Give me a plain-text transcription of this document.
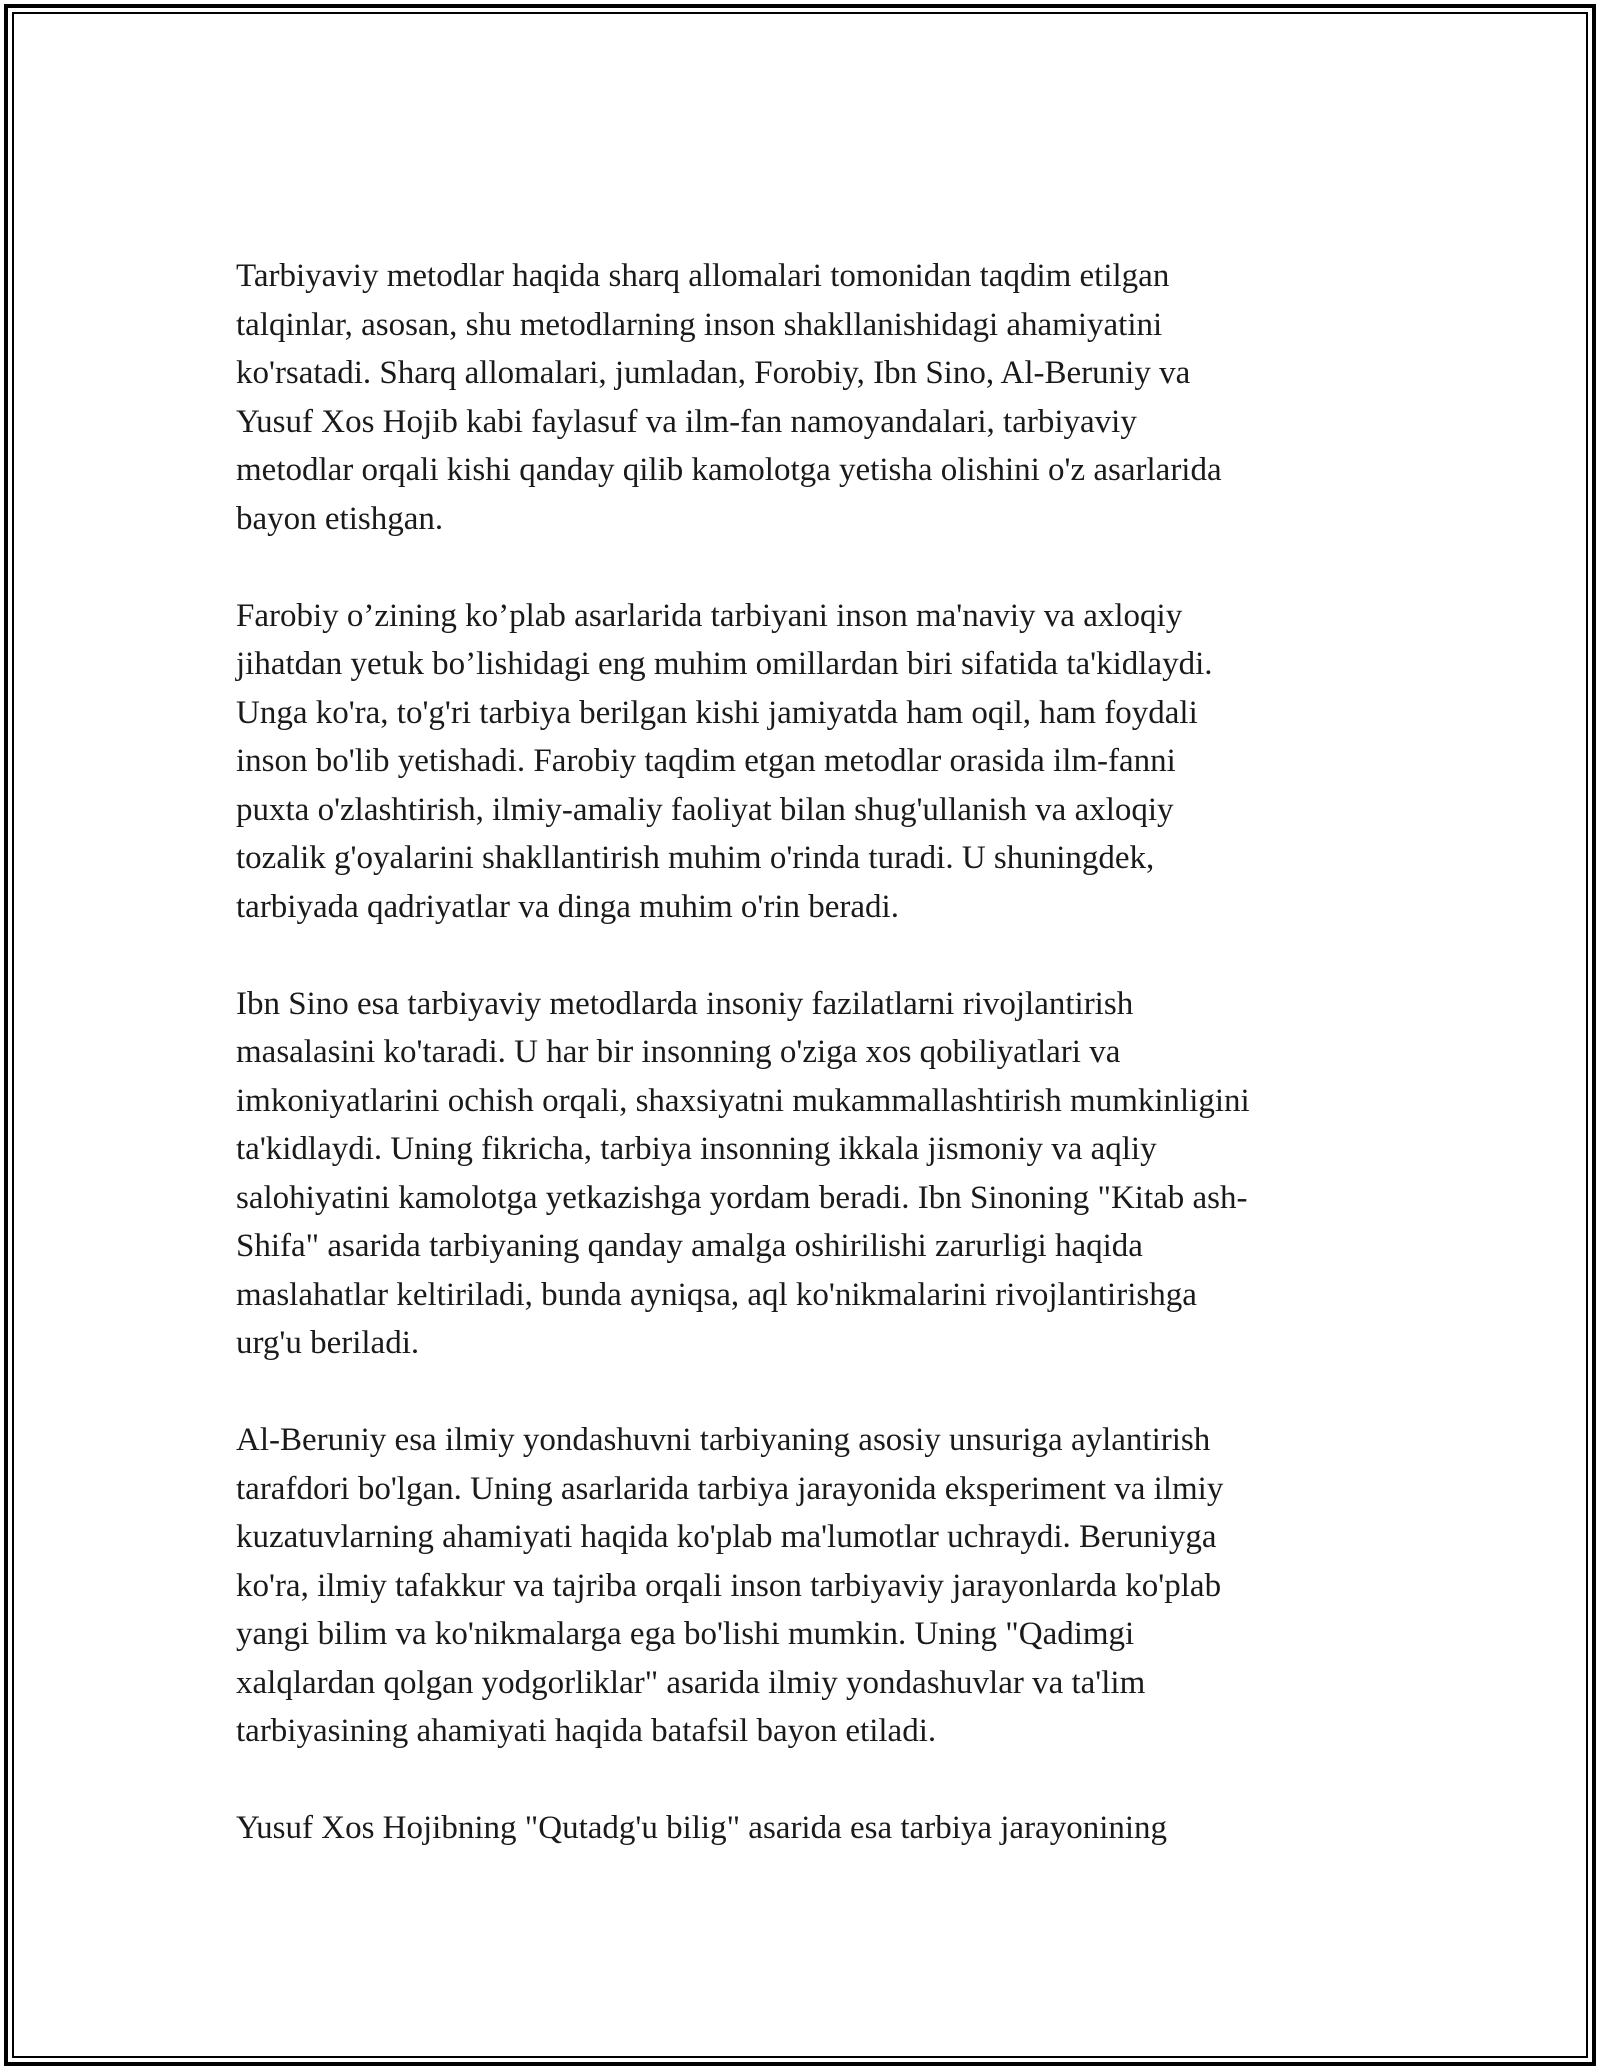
Tarbiyaviy metodlar haqida sharq allomalari tomonidan taqdim etilgan
talqinlar, asosan, shu metodlarning inson shakllanishidagi ahamiyatini
ko'rsatadi. Sharq allomalari, jumladan, Forobiy, Ibn Sino, Al-Beruniy va
Yusuf Xos Hojib kabi faylasuf va ilm-fan namoyandalari, tarbiyaviy
metodlar orqali kishi qanday qilib kamolotga yetisha olishini o'z asarlarida
bayon etishgan.

Farobiy o’zining ko’plab asarlarida tarbiyani inson ma'naviy va axloqiy
jihatdan yetuk bo’lishidagi eng muhim omillardan biri sifatida ta'kidlaydi.
Unga ko'ra, to'g'ri tarbiya berilgan kishi jamiyatda ham oqil, ham foydali
inson bo'lib yetishadi. Farobiy taqdim etgan metodlar orasida ilm-fanni
puxta o'zlashtirish, ilmiy-amaliy faoliyat bilan shug'ullanish va axloqiy
tozalik g'oyalarini shakllantirish muhim o'rinda turadi. U shuningdek,
tarbiyada qadriyatlar va dinga muhim o'rin beradi.

Ibn Sino esa tarbiyaviy metodlarda insoniy fazilatlarni rivojlantirish
masalasini ko'taradi. U har bir insonning o'ziga xos qobiliyatlari va
imkoniyatlarini ochish orqali, shaxsiyatni mukammallashtirish mumkinligini
ta'kidlaydi. Uning fikricha, tarbiya insonning ikkala jismoniy va aqliy
salohiyatini kamolotga yetkazishga yordam beradi. Ibn Sinoning "Kitab ash-
Shifa" asarida tarbiyaning qanday amalga oshirilishi zarurligi haqida
maslahatlar keltiriladi, bunda ayniqsa, aql ko'nikmalarini rivojlantirishga
urg'u beriladi.

Al-Beruniy esa ilmiy yondashuvni tarbiyaning asosiy unsuriga aylantirish
tarafdori bo'lgan. Uning asarlarida tarbiya jarayonida eksperiment va ilmiy
kuzatuvlarning ahamiyati haqida ko'plab ma'lumotlar uchraydi. Beruniyga
ko'ra, ilmiy tafakkur va tajriba orqali inson tarbiyaviy jarayonlarda ko'plab
yangi bilim va ko'nikmalarga ega bo'lishi mumkin. Uning "Qadimgi
xalqlardan qolgan yodgorliklar" asarida ilmiy yondashuvlar va ta'lim
tarbiyasining ahamiyati haqida batafsil bayon etiladi.

Yusuf Xos Hojibning "Qutadg'u bilig" asarida esa tarbiya jarayonining
